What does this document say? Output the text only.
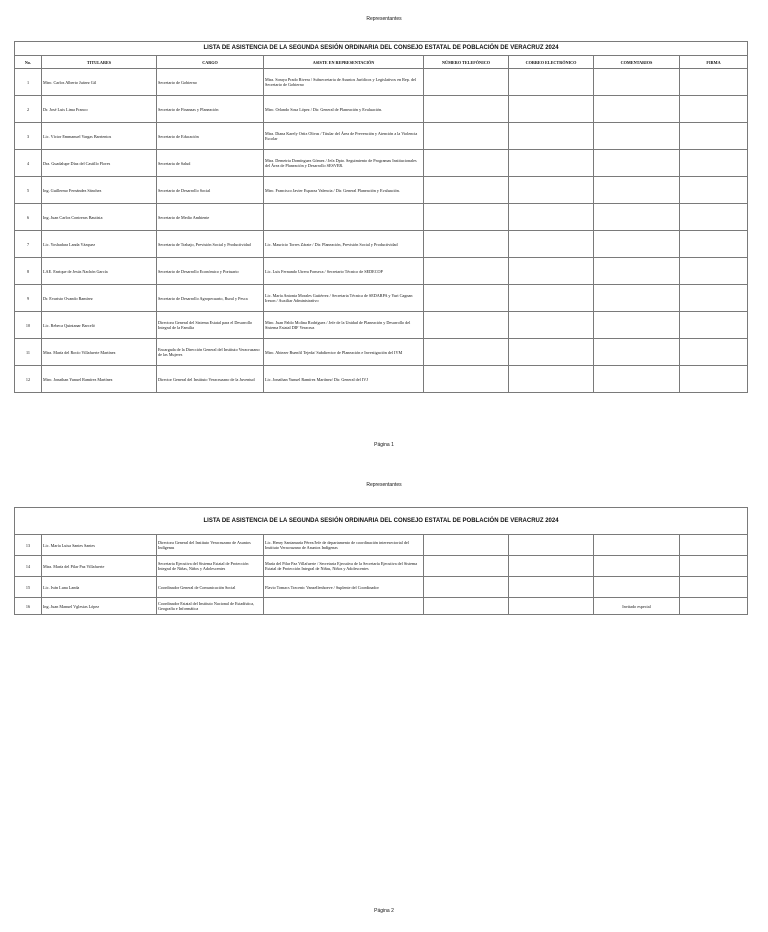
Representantes
LISTA DE ASISTENCIA DE LA SEGUNDA SESIÓN ORDINARIA DEL CONSEJO ESTATAL DE POBLACIÓN DE VERACRUZ 2024							
No.	TITULARES	CARGO	ASISTE EN REPRESENTACIÓN	NÚMERO TELEFÓNICO	CORREO ELECTRÓNICO	COMENTARIOS	FIRMA
1	Mtro. Carlos Alberto Juárez Gil	Secretario de Gobierno	Mtra. Soraya Prado Rivera / Subsecretaria de Asuntos Jurídicos y Legislativos en Rep. del Secretario de Gobierno				
2	Dr. José Luis Lima Franco	Secretario de Finanzas y Planeación	Mtro. Orlando Sosa López / Dir. General de Planeación y Evaluación.				
3	Lic. Víctor Emmanuel Vargas Barrientos	Secretario de Educación	Mtra. Diana Karely Ortiz Olivas / Titular del Área de Prevención y Atención a la Violencia Escolar				
4	Dra. Guadalupe Díaz del Castillo Flores	Secretaria de Salud	Mtra. Demetria Domínguez Gómez / Jefa Dpto. Seguimiento de Programas Institucionales del Área de Planeación y Desarrollo SESVER.				
5	Ing. Guillermo Fernández Sánchez	Secretario de Desarrollo Social	Mtro. Francisco Javier Esparza Valencia / Dir. General Planeación y Evaluación.				
6	Ing. Juan Carlos Contreras Bautista	Secretario de Medio Ambiente					
7	Lic. Yoshadara Landa Vázquez	Secretaria de Trabajo, Previsión Social y Productividad	Lic. Mauricio Torres Zárate / Dir. Planeación, Previsión Social y Productividad				
8	LAE. Enrique de Jesús Nachón García	Secretario de Desarrollo Económico y Portuario	Lic. Luis Fernando Utrera Fonseca / Secretario Técnico de SEDECOP				
9	Dr. Evaristo Ovando Ramírez	Secretario de Desarrollo Agropecuario, Rural y Pesca	Lic. María Antonia Morales Gutiérrez / Secretaria Técnica de SEDARPA y Yuri Cagnan Ireson / Auxiliar Administrativo				
10	Lic. Rebeca Quintanar Barceló	Directora General del Sistema Estatal para el Desarrollo Integral de la Familia	Mtro. Juan Pablo Molina Rodríguez / Jefe de la Unidad de Planeación y Desarrollo del Sistema Estatal DIF Veracruz				
11	Mtra. María del Rocío Villafuerte Martínez	Encargada de la Dirección General del Instituto Veracruzano de las Mujeres	Mtro. Abiezer Buenfil Tejeda/ Subdirector de Planeación e Investigación del IVM				
12	Mtro. Jonathan Yunuel Ramírez Martínez	Director General del Instituto Veracruzano de la Juventud	Lic. Jonathan Yunuel Ramírez Martínez/ Dir. General del IVJ				
Página 1
Representantes
LISTA DE ASISTENCIA DE LA SEGUNDA SESIÓN ORDINARIA DEL CONSEJO ESTATAL DE POBLACIÓN DE VERACRUZ 2024							
13	Lic. María Luisa Santes Santes	Directora General del Instituto Veracruzano de Asuntos Indígenas	Lic. Henry Santamaría Pérez/Jefe de departamento de coordinación interesectorial del Instituto Veracruzano de Asuntos Indígenas				
14	Mtra. María del Pilar Paz Villafuerte	Secretaria Ejecutiva del Sistema Estatal de Protección Integral de Niñas, Niños y Adolescentes	María del Pilar Paz Villafuerte / Secretaria Ejecutiva de la Secretaría Ejecutiva del Sistema Estatal de Protección Integral de Niñas, Niños y Adolescentes				
15	Lic. Iván Luna Landa	Coordinador General de Comunicación Social	Flavio Tomacs Trzcenic Vanzellenhoeve / Suplente del Coordinador				
16	Ing. Juan Manuel Vglesias López	Coordinador Estatal del Instituto Nacional de Estadística, Geografía e Informática				Invitado especial	
Página 2
